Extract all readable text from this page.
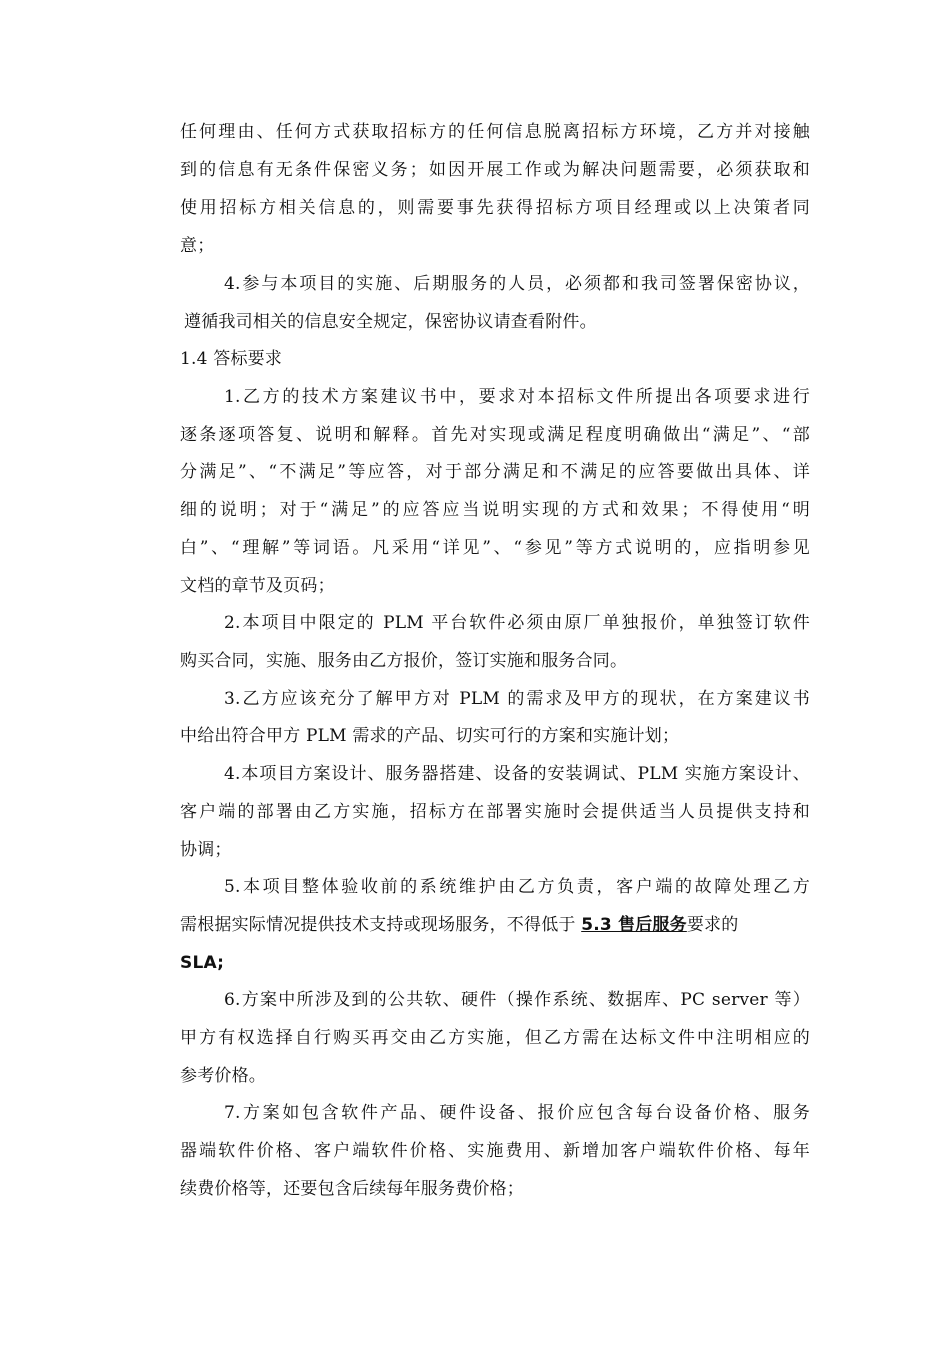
任何理由、任何方式获取招标方的任何信息脱离招标方环境，乙方并对接触
到的信息有无条件保密义务；如因开展工作或为解决问题需要，必须获取和
使用招标方相关信息的，则需要事先获得招标方项目经理或以上决策者同
意；
4.参与本项目的实施、后期服务的人员，必须都和我司签署保密协议，
遵循我司相关的信息安全规定，保密协议请查看附件。
1.4 答标要求
1.乙方的技术方案建议书中，要求对本招标文件所提出各项要求进行
逐条逐项答复、说明和解释。首先对实现或满足程度明确做出“满足”、“部
分满足”、“不满足”等应答，对于部分满足和不满足的应答要做出具体、详
细的说明；对于“满足”的应答应当说明实现的方式和效果；不得使用“明
白”、“理解”等词语。凡采用“详见”、“参见”等方式说明的，应指明参见
文档的章节及页码；
2.本项目中限定的 PLM 平台软件必须由原厂单独报价，单独签订软件
购买合同，实施、服务由乙方报价，签订实施和服务合同。
3.乙方应该充分了解甲方对 PLM 的需求及甲方的现状，在方案建议书
中给出符合甲方 PLM 需求的产品、切实可行的方案和实施计划；
4.本项目方案设计、服务器搭建、设备的安装调试、PLM 实施方案设计、
客户端的部署由乙方实施，招标方在部署实施时会提供适当人员提供支持和
协调；
5.本项目整体验收前的系统维护由乙方负责，客户端的故障处理乙方
需根据实际情况提供技术支持或现场服务，不得低于 5.3 售后服务要求的
SLA;
6.方案中所涉及到的公共软、硬件（操作系统、数据库、PC server 等）
甲方有权选择自行购买再交由乙方实施，但乙方需在达标文件中注明相应的
参考价格。
7.方案如包含软件产品、硬件设备、报价应包含每台设备价格、服务
器端软件价格、客户端软件价格、实施费用、新增加客户端软件价格、每年
续费价格等，还要包含后续每年服务费价格；
